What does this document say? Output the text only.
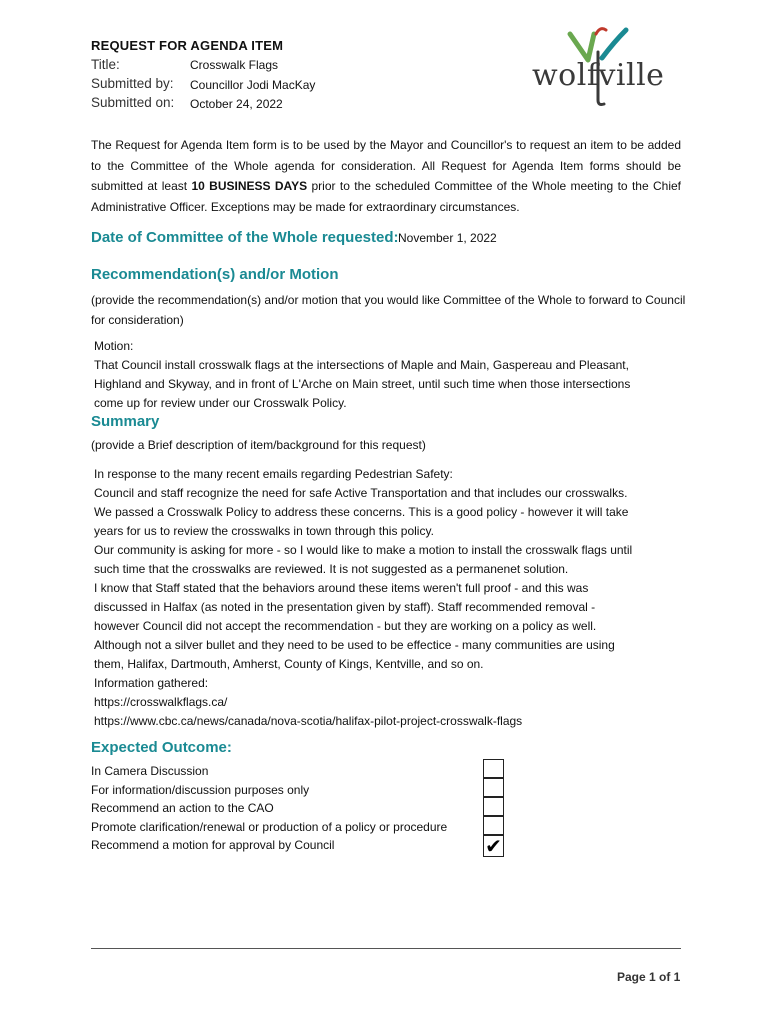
REQUEST FOR AGENDA ITEM
Title:	Crosswalk Flags
Submitted by: Councillor Jodi MacKay
Submitted on: October 24, 2022
wolfville
The Request for Agenda Item form is to be used by the Mayor and Councillor's to request an item to be added to the Committee of the Whole agenda for consideration. All Request for Agenda Item forms should be submitted at least 10 BUSINESS DAYS prior to the scheduled Committee of the Whole meeting to the Chief Administrative Officer. Exceptions may be made for extraordinary circumstances.
Date of Committee of the Whole requested: November 1, 2022
Recommendation(s) and/or Motion
(provide the recommendation(s) and/or motion that you would like Committee of the Whole to forward to Council for consideration)
Motion:
That Council install crosswalk flags at the intersections of Maple and Main, Gaspereau and Pleasant,
Highland and Skyway, and in front of L'Arche on Main street, until such time when those intersections
come up for review under our Crosswalk Policy.
Summary
(provide a Brief description of item/background for this request)
In response to the many recent emails regarding Pedestrian Safety:
Council and staff recognize the need for safe Active Transportation and that includes our crosswalks.
We passed a Crosswalk Policy to address these concerns. This is a good policy - however it will take
years for us to review the crosswalks in town through this policy.
Our community is asking for more - so I would like to make a motion to install the crosswalk flags until
such time that the crosswalks are reviewed. It is not suggested as a permanenet solution.
I know that Staff stated that the behaviors around these items weren't full proof - and this was
discussed in Halfax (as noted in the presentation given by staff). Staff recommended removal -
however Council did not accept the recommendation - but they are working on a policy as well.
Although not a silver bullet and they need to be used to be effectice - many communities are using
them, Halifax, Dartmouth, Amherst, County of Kings, Kentville, and so on.
Information gathered:
https://crosswalkflags.ca/
https://www.cbc.ca/news/canada/nova-scotia/halifax-pilot-project-crosswalk-flags
Expected Outcome:
In Camera Discussion
For information/discussion purposes only
Recommend an action to the CAO
Promote clarification/renewal or production of a policy or procedure
Recommend a motion for approval by Council	✔
Page 1 of 1
